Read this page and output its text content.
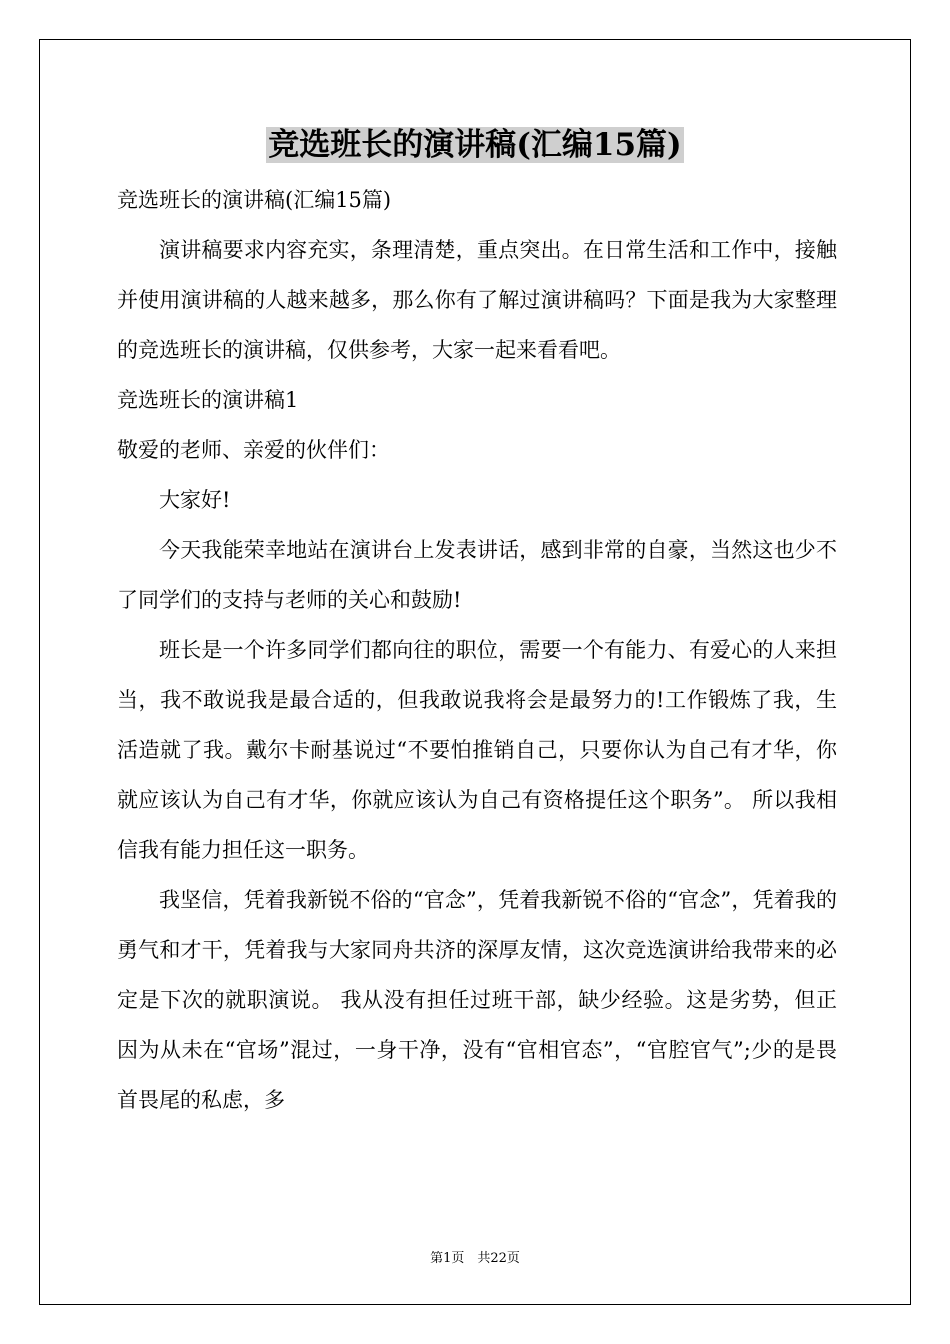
竞选班长的演讲稿(汇编15篇)

竞选班长的演讲稿(汇编15篇)

演讲稿要求内容充实，条理清楚，重点突出。在日常生活和工作中，接触并使用演讲稿的人越来越多，那么你有了解过演讲稿吗？下面是我为大家整理的竞选班长的演讲稿，仅供参考，大家一起来看看吧。

竞选班长的演讲稿1

敬爱的老师、亲爱的伙伴们：

大家好!

今天我能荣幸地站在演讲台上发表讲话，感到非常的自豪，当然这也少不了同学们的支持与老师的关心和鼓励!

班长是一个许多同学们都向往的职位，需要一个有能力、有爱心的人来担当，我不敢说我是最合适的，但我敢说我将会是最努力的!工作锻炼了我，生活造就了我。戴尔卡耐基说过“不要怕推销自己，只要你认为自己有才华，你就应该认为自己有才华，你就应该认为自己有资格提任这个职务”。 所以我相信我有能力担任这一职务。

我坚信，凭着我新锐不俗的“官念”，凭着我新锐不俗的“官念”，凭着我的勇气和才干，凭着我与大家同舟共济的深厚友情，这次竞选演讲给我带来的必定是下次的就职演说。 我从没有担任过班干部，缺少经验。这是劣势，但正因为从未在“官场”混过，一身干净，没有“官相官态”，“官腔官气”;少的是畏首畏尾的私虑，多

第1页　共22页
